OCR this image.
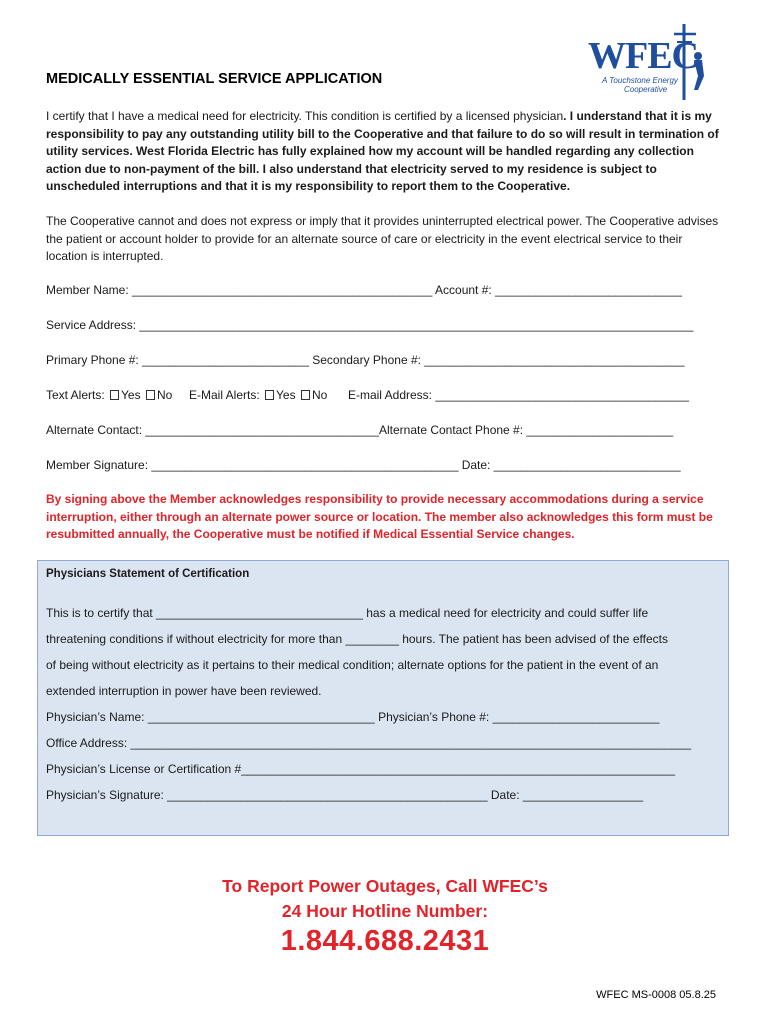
WFEC
A Touchstone Energy
Cooperative
MEDICALLY ESSENTIAL SERVICE APPLICATION
I certify that I have a medical need for electricity. This condition is certified by a licensed physician. I understand that it is my responsibility to pay any outstanding utility bill to the Cooperative and that failure to do so will result in termination of utility services. West Florida Electric has fully explained how my account will be handled regarding any collection action due to non-payment of the bill. I also understand that electricity served to my residence is subject to unscheduled interruptions and that it is my responsibility to report them to the Cooperative.
The Cooperative cannot and does not express or imply that it provides uninterrupted electrical power. The Cooperative advises the patient or account holder to provide for an alternate source of care or electricity in the event electrical service to their location is interrupted.
Member Name: _____________________________________________ Account #: ____________________________
Service Address: ___________________________________________________________________________________
Primary Phone #: _________________________ Secondary Phone #: _______________________________________
Text Alerts: Yes No E-Mail Alerts: Yes No E-mail Address: ______________________________________
Alternate Contact: ___________________________________Alternate Contact Phone #: ______________________
Member Signature: ______________________________________________ Date: ____________________________
By signing above the Member acknowledges responsibility to provide necessary accommodations during a service interruption, either through an alternate power source or location. The member also acknowledges this form must be resubmitted annually, the Cooperative must be notified if Medical Essential Service changes.
Physicians Statement of Certification
This is to certify that _______________________________ has a medical need for electricity and could suffer life
threatening conditions if without electricity for more than ________ hours. The patient has been advised of the effects
of being without electricity as it pertains to their medical condition; alternate options for the patient in the event of an
extended interruption in power have been reviewed.
Physician’s Name: __________________________________ Physician’s Phone #: _________________________
Office Address: ____________________________________________________________________________________
Physician’s License or Certification #_________________________________________________________________
Physician’s Signature: ________________________________________________ Date: __________________
To Report Power Outages, Call WFEC’s
24 Hour Hotline Number:
1.844.688.2431
WFEC MS-0008 05.8.25
